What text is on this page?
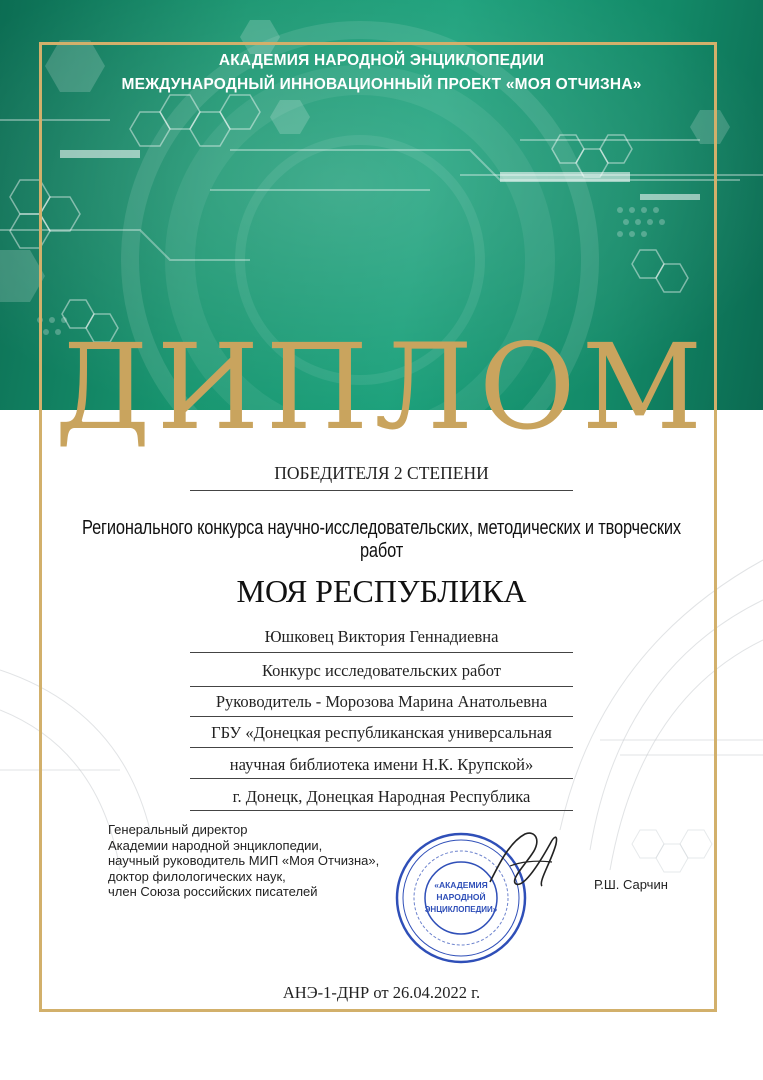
АКАДЕМИЯ НАРОДНОЙ ЭНЦИКЛОПЕДИИ
МЕЖДУНАРОДНЫЙ ИННОВАЦИОННЫЙ ПРОЕКТ «МОЯ ОТЧИЗНА»
ДИПЛОМ
ПОБЕДИТЕЛЯ 2 СТЕПЕНИ
Регионального конкурса научно-исследовательских, методических и творческих работ
МОЯ РЕСПУБЛИКА
Юшковец Виктория Геннадиевна
Конкурс исследовательских работ
Руководитель - Морозова Марина Анатольевна
ГБУ «Донецкая республиканская универсальная
научная библиотека имени Н.К. Крупской»
г. Донецк, Донецкая Народная Республика
Генеральный директор
Академии народной энциклопедии,
научный руководитель МИП «Моя Отчизна»,
доктор филологических наук,
член Союза российских писателей	«АКАДЕМИЯ
НАРОДНОЙ
ЭНЦИКЛОПЕДИИ»
Р.Ш. Сарчин
АНЭ-1-ДНР от 26.04.2022 г.
